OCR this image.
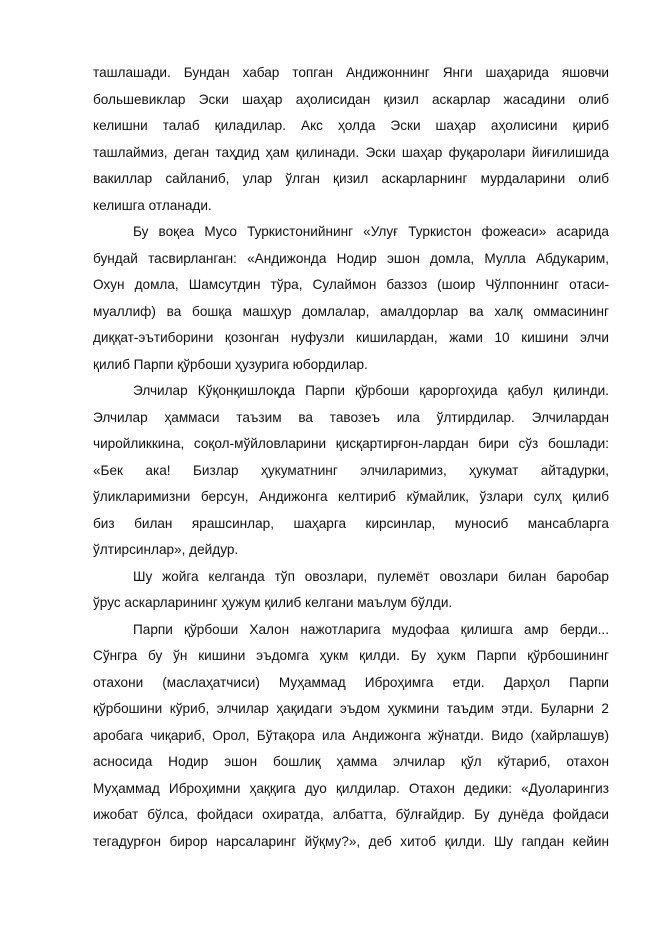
ташлашади. Бундан хабар топган Андижоннинг Янги шаҳарида яшовчи
большевиклар Эски шаҳар аҳолисидан қизил аскарлар жасадини олиб
келишни талаб қиладилар. Акс ҳолда Эски шаҳар аҳолисини қириб
ташлаймиз, деган таҳдид ҳам қилинади. Эски шаҳар фуқаролари йиғилишида
вакиллар сайланиб, улар ўлган қизил аскарларнинг мурдаларини олиб
келишга отланади.
Бу воқеа Мусо Туркистонийнинг «Улуғ Туркистон фожеаси» асарида
бундай тасвирланган: «Андижонда Нодир эшон домла, Мулла Абдукарим,
Охун домла, Шамсутдин тўра, Сулаймон баззоз (шоир Чўлпоннинг отаси-
муаллиф) ва бошқа машҳур домлалар, амалдорлар ва халқ оммасининг
диққат-эътиборини қозонган нуфузли кишилардан, жами 10 кишини элчи
қилиб Парпи қўрбоши ҳузурига юбордилар.
Элчилар Кўқонқишлоқда Парпи қўрбоши қароргоҳида қабул қилинди.
Элчилар ҳаммаси таъзим ва тавозеъ ила ўлтирдилар. Элчилардан
чиройликкина, соқол-мўйловларини қисқартирғон-лардан бири сўз бошлади:
«Бек ака! Бизлар ҳукуматнинг элчиларимиз, ҳукумат айтадурки,
ўликларимизни берсун, Андижонга келтириб кўмайлик, ўзлари сулҳ қилиб
биз билан ярашсинлар, шаҳарга кирсинлар, муносиб мансабларга
ўлтирсинлар», дейдур.
Шу жойга келганда тўп овозлари, пулемёт овозлари билан баробар
ўрус аскарларининг ҳужум қилиб келгани маълум бўлди.
Парпи қўрбоши Халон нажотларига мудофаа қилишга амр берди...
Сўнгра бу ўн кишини эъдомга ҳукм қилди. Бу ҳукм Парпи қўрбошининг
отахони (маслаҳатчиси) Муҳаммад Иброҳимга етди. Дарҳол Парпи
қўрбошини кўриб, элчилар ҳақидаги эъдом ҳукмини таъдим этди. Буларни 2
аробага чиқариб, Орол, Бўтақора ила Андижонга жўнатди. Видо (хайрлашув)
асносида Нодир эшон бошлиқ ҳамма элчилар қўл кўтариб, отахон
Муҳаммад Иброҳимни ҳаққига дуо қилдилар. Отахон дедики: «Дуоларингиз
ижобат бўлса, фойдаси охиратда, албатта, бўлғайдир. Бу дунёда фойдаси
тегадурғон бирор нарсаларинг йўқму?», деб хитоб қилди. Шу гапдан кейин
